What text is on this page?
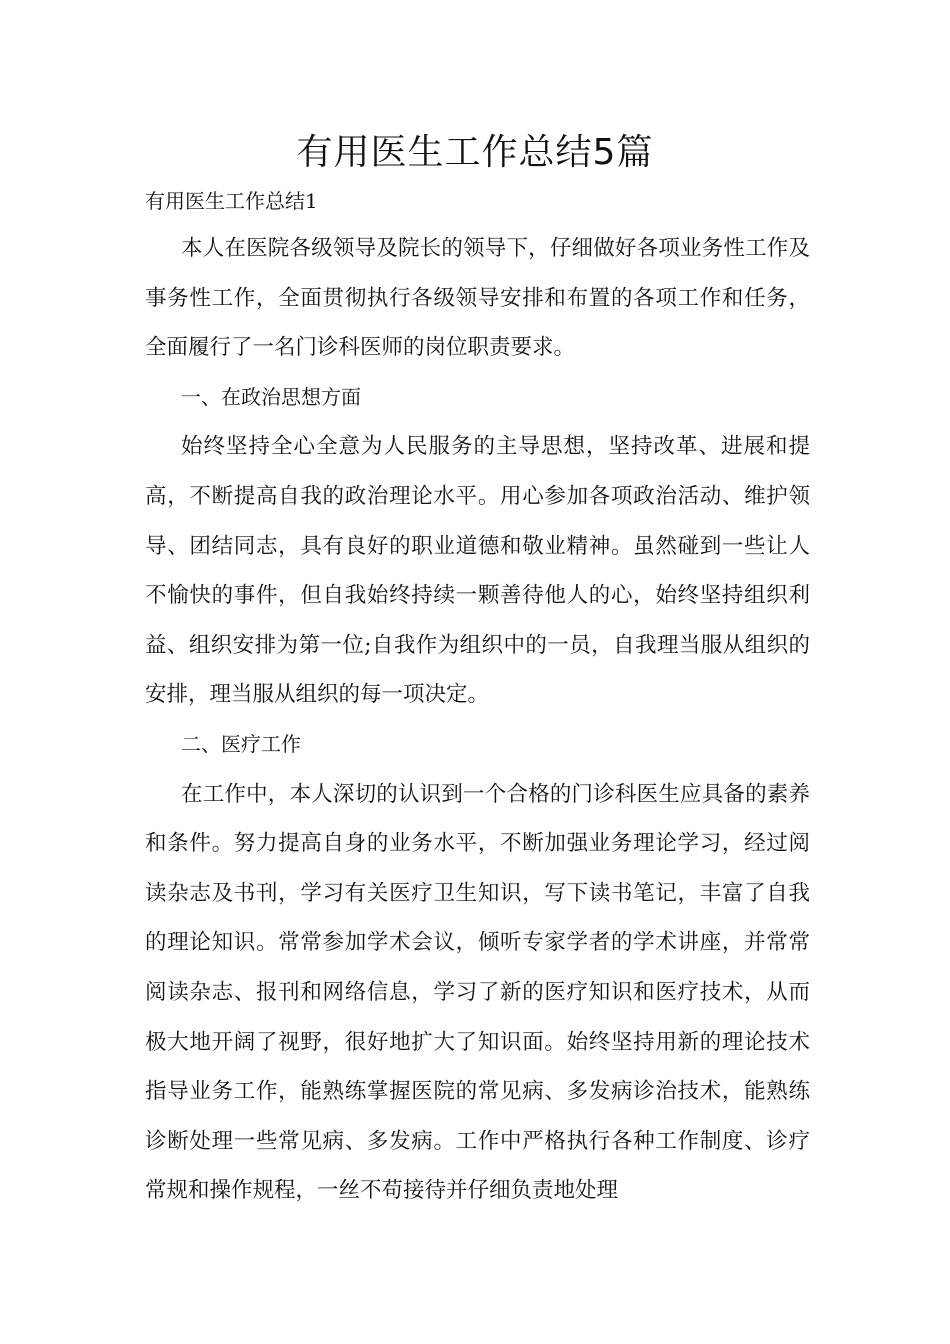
有用医生工作总结5篇

有用医生工作总结1

本人在医院各级领导及院长的领导下，仔细做好各项业务性工作及事务性工作，全面贯彻执行各级领导安排和布置的各项工作和任务，全面履行了一名门诊科医师的岗位职责要求。

一、在政治思想方面

始终坚持全心全意为人民服务的主导思想，坚持改革、进展和提高，不断提高自我的政治理论水平。用心参加各项政治活动、维护领导、团结同志，具有良好的职业道德和敬业精神。虽然碰到一些让人不愉快的事件，但自我始终持续一颗善待他人的心，始终坚持组织利益、组织安排为第一位;自我作为组织中的一员，自我理当服从组织的安排，理当服从组织的每一项决定。

二、医疗工作

在工作中，本人深切的认识到一个合格的门诊科医生应具备的素养和条件。努力提高自身的业务水平，不断加强业务理论学习，经过阅读杂志及书刊，学习有关医疗卫生知识，写下读书笔记，丰富了自我的理论知识。常常参加学术会议，倾听专家学者的学术讲座，并常常阅读杂志、报刊和网络信息，学习了新的医疗知识和医疗技术，从而极大地开阔了视野，很好地扩大了知识面。始终坚持用新的理论技术指导业务工作，能熟练掌握医院的常见病、多发病诊治技术，能熟练诊断处理一些常见病、多发病。工作中严格执行各种工作制度、诊疗常规和操作规程，一丝不苟接待并仔细负责地处理
